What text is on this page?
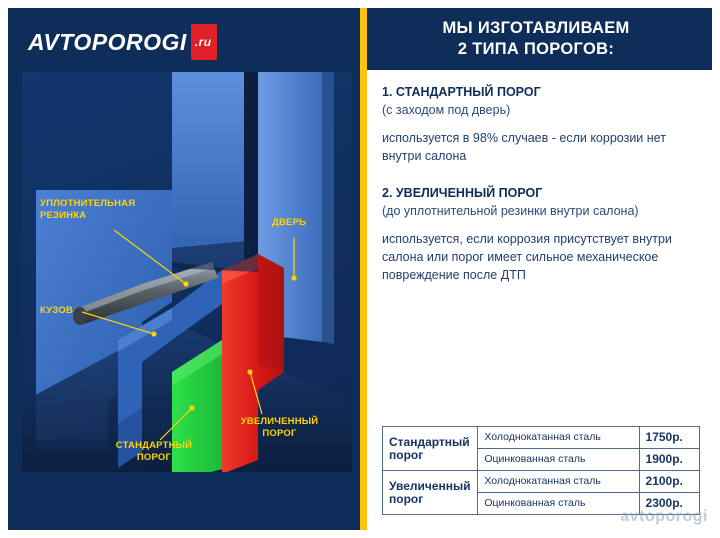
AVTOPOROGI .ru
УПЛОТНИТЕЛЬНАЯ
РЕЗИНКА
ДВЕРЬ
КУЗОВ
СТАНДАРТНЫЙ
ПОРОГ
УВЕЛИЧЕННЫЙ
ПОРОГ
МЫ ИЗГОТАВЛИВАЕМ
2 ТИПА ПОРОГОВ:

1. СТАНДАРТНЫЙ ПОРОГ

(с заходом под дверь)

используется в 98% случаев - если коррозии нет внутри салона

2. УВЕЛИЧЕННЫЙ ПОРОГ

(до уплотнительной резинки внутри салона)

используется, если коррозия присутствует внутри салона или порог имеет сильное механическое повреждение после ДТП

Стандартный порог	Холоднокатанная сталь	1750р.
	Оцинкованная сталь	1900р.
Увеличенный порог	Холоднокатанная сталь	2100р.
	Оцинкованная сталь	2300р.
avtoporogi
